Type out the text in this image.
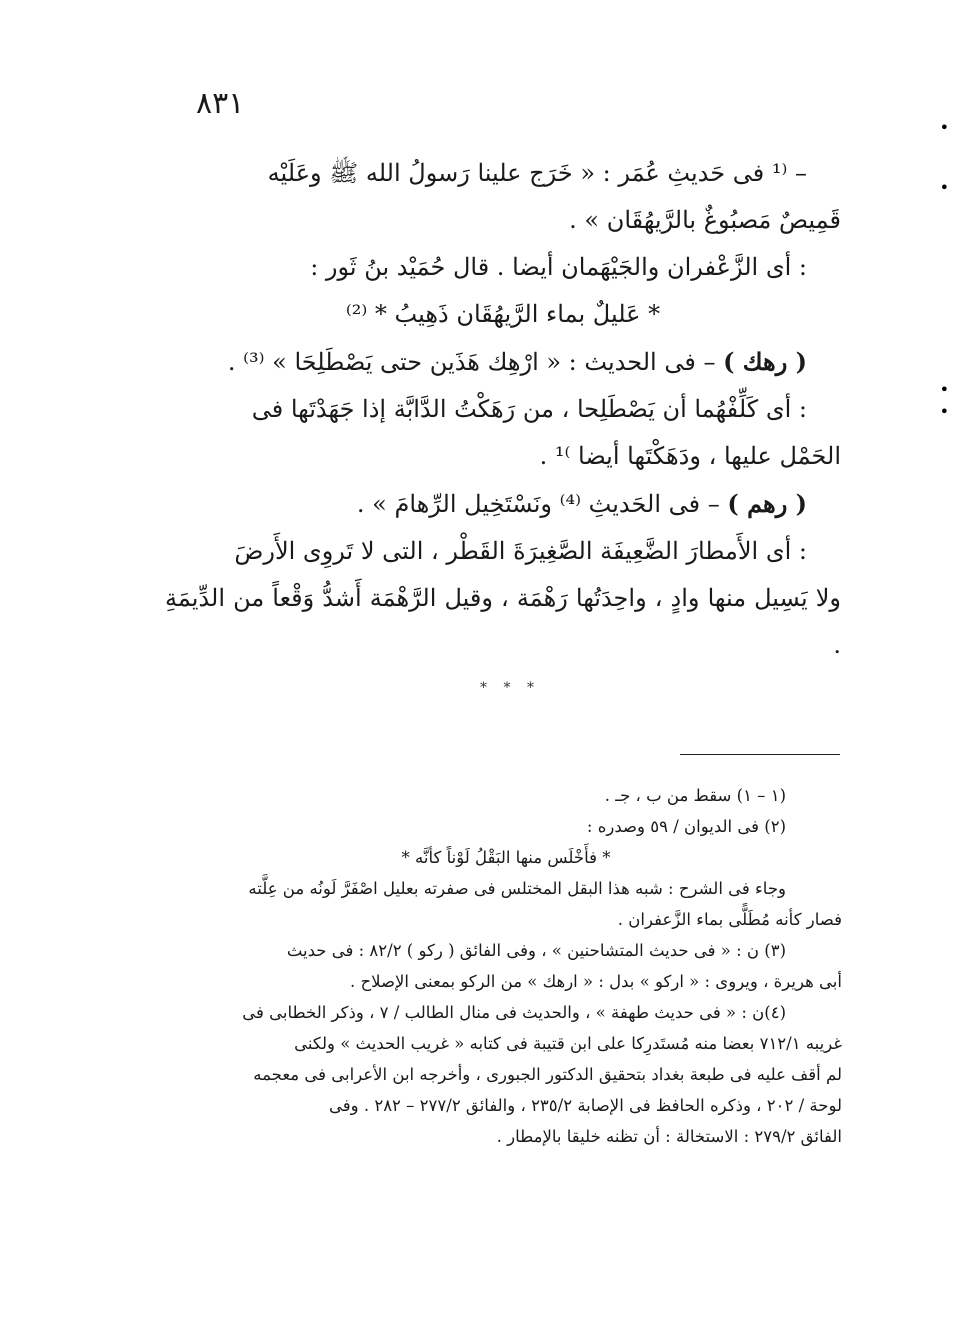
٨٣١

– ⁽¹ فى حَديثِ عُمَر : « خَرَج علينا رَسولُ الله ﷺ وعَلَيْه

قَمِيصٌ مَصبُوغٌ بالرَّيهُقَان » .

: أى الزَّعْفران والجَيْهَمان أيضا . قال حُمَيْد بنُ ثَور :

* عَليلٌ بماء الرَّيهُقَان ذَهِيبُ * ⁽²⁾

( رهك ) – فى الحديث : « ارْهِك هَذَين حتى يَصْطَلِحَا » ⁽³⁾ .

: أى كَلِّفْهُما أن يَصْطَلِحا ، من رَهَكْتُ الدَّابَّة إذا جَهَدْتَها فى

الحَمْل عليها ، ودَهَكْتَها أيضا ⁾¹ .

( رهم ) – فى الحَديثِ ⁽⁴⁾ ونَسْتَخِيل الرِّهامَ » .

: أى الأَمطارَ الضَّعِيفَة الصَّغِيرَةَ القَطْر ، التى لا تَروِى الأَرضَ

ولا يَسِيل منها وادٍ ، واحِدَتُها رَهْمَة ، وقيل الرَّهْمَة أَشدُّ وَقْعاً من الدِّيمَةِ .

* * *

(١ – ١) سقط من ب ، جـ .

(٢) فى الديوان / ٥٩ وصدره :

* فأَخْلَس منها البَقْلُ لَوْناً كأنَّه *

وجاء فى الشرح : شبه هذا البقل المختلس فى صفرته بعليل اصْفَرَّ لَونُه من عِلَّته

فصار كأنه مُطَلًّى بماء الزَّعفران .

(٣) ن : « فى حديث المتشاحنين » ، وفى الفائق ( ركو ) ٨٢/٢ : فى حديث

أبى هريرة ، ويروى : « اركو » بدل : « ارهك » من الركو بمعنى الإصلاح .

(٤)ن : « فى حديث طهفة » ، والحديث فى منال الطالب / ٧ ، وذكر الخطابى فى

غريبه ٧١٢/١ بعضا منه مُستَدرِكا على ابن قتيبة فى كتابه « غريب الحديث » ولكنى

لم أقف عليه فى طبعة بغداد بتحقيق الدكتور الجبورى ، وأخرجه ابن الأعرابى فى معجمه

لوحة / ٢٠٢ ، وذكره الحافظ فى الإصابة ٢٣٥/٢ ، والفائق ٢٧٧/٢ – ٢٨٢ . وفى

الفائق ٢٧٩/٢ : الاستخالة : أن تظنه خليقا بالإمطار .

•
•
•
•
